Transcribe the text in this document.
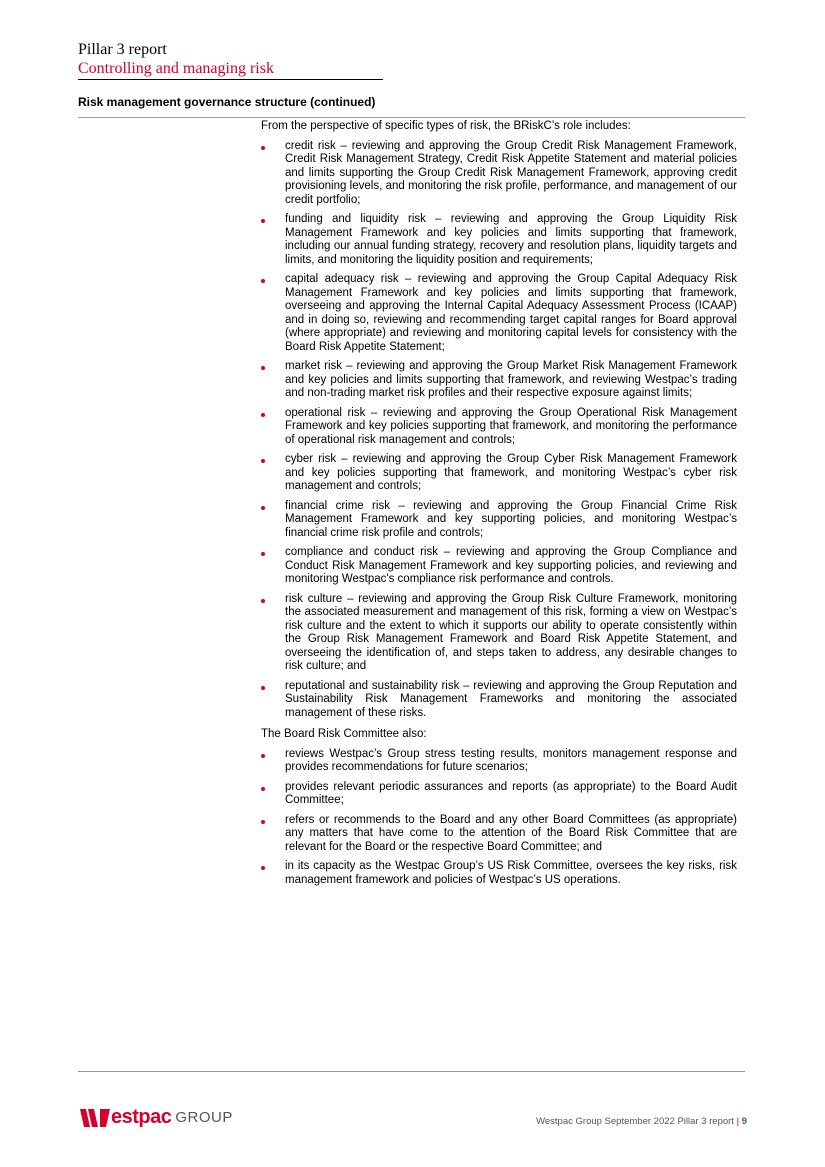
Pillar 3 report
Controlling and managing risk
Risk management governance structure (continued)

From the perspective of specific types of risk, the BRiskC’s role includes:

credit risk – reviewing and approving the Group Credit Risk Management Framework, Credit Risk Management Strategy, Credit Risk Appetite Statement and material policies and limits supporting the Group Credit Risk Management Framework, approving credit provisioning levels, and monitoring the risk profile, performance, and management of our credit portfolio;
funding and liquidity risk – reviewing and approving the Group Liquidity Risk Management Framework and key policies and limits supporting that framework, including our annual funding strategy, recovery and resolution plans, liquidity targets and limits, and monitoring the liquidity position and requirements;
capital adequacy risk – reviewing and approving the Group Capital Adequacy Risk Management Framework and key policies and limits supporting that framework, overseeing and approving the Internal Capital Adequacy Assessment Process (ICAAP) and in doing so, reviewing and recommending target capital ranges for Board approval (where appropriate) and reviewing and monitoring capital levels for consistency with the Board Risk Appetite Statement;
market risk – reviewing and approving the Group Market Risk Management Framework and key policies and limits supporting that framework, and reviewing Westpac’s trading and non-trading market risk profiles and their respective exposure against limits;
operational risk – reviewing and approving the Group Operational Risk Management Framework and key policies supporting that framework, and monitoring the performance of operational risk management and controls;
cyber risk – reviewing and approving the Group Cyber Risk Management Framework and key policies supporting that framework, and monitoring Westpac’s cyber risk management and controls;
financial crime risk – reviewing and approving the Group Financial Crime Risk Management Framework and key supporting policies, and monitoring Westpac’s financial crime risk profile and controls;
compliance and conduct risk – reviewing and approving the Group Compliance and Conduct Risk Management Framework and key supporting policies, and reviewing and monitoring Westpac's compliance risk performance and controls.
risk culture – reviewing and approving the Group Risk Culture Framework, monitoring the associated measurement and management of this risk, forming a view on Westpac’s risk culture and the extent to which it supports our ability to operate consistently within the Group Risk Management Framework and Board Risk Appetite Statement, and overseeing the identification of, and steps taken to address, any desirable changes to risk culture; and
reputational and sustainability risk – reviewing and approving the Group Reputation and Sustainability Risk Management Frameworks and monitoring the associated management of these risks.

The Board Risk Committee also:

reviews Westpac’s Group stress testing results, monitors management response and provides recommendations for future scenarios;
provides relevant periodic assurances and reports (as appropriate) to the Board Audit Committee;
refers or recommends to the Board and any other Board Committees (as appropriate) any matters that have come to the attention of the Board Risk Committee that are relevant for the Board or the respective Board Committee; and
in its capacity as the Westpac Group’s US Risk Committee, oversees the key risks, risk management framework and policies of Westpac’s US operations.
estpac GROUP	Westpac Group September 2022 Pillar 3 report | 9
